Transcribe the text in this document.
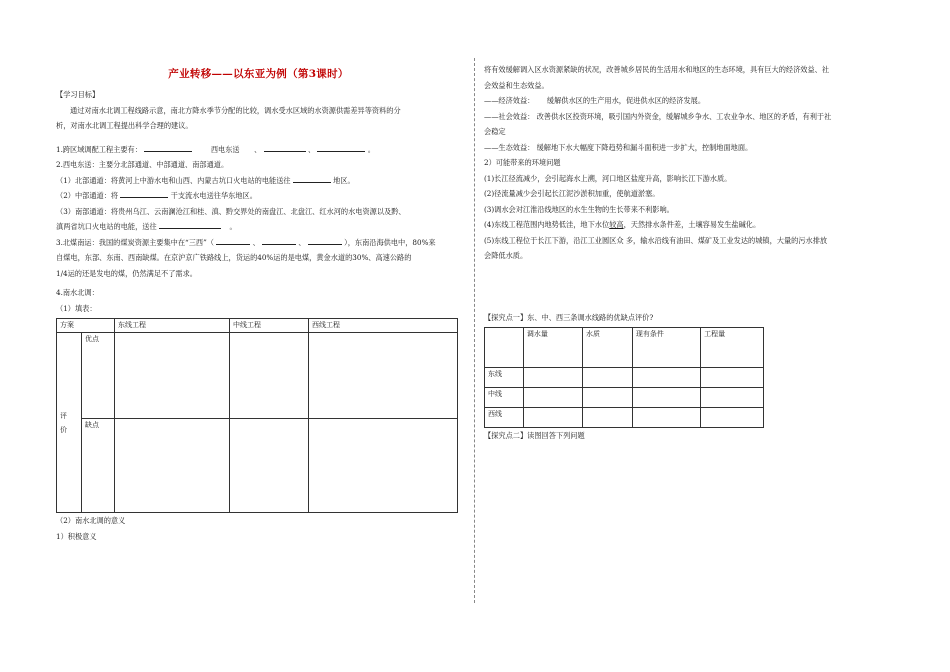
产业转移——以东亚为例（第3课时）

【学习目标】

通过对南水北调工程线路示意，南北方降水季节分配的比较，调水受水区域的水资源供需差异等资料的分

析，对南水北调工程提出科学合理的建议。

1.跨区域调配工程主要有：	西电东送 、	、	。

2.西电东送：主要分北部通道、中部通道、南部通道。

（1）北部通道：将黄河上中游水电和山西、内蒙古坑口火电站的电能送往	地区。

（2）中部通道：将	干支流水电送往华东地区。

（3）南部通道：将贵州乌江、云南澜沧江和桂、滇、黔交界处的南盘江、北盘江、红水河的水电资源以及黔、

滇两省坑口火电站的电能，送往	。

3.北煤南运：我国的煤炭资源主要集中在“三西”（	、	、	），东南沿海供电中，80%来

自煤电，东部、东南、西南缺煤。在京沪京广铁路线上，货运的40%运的是电煤，黄金水道的30%、高速公路的

1/4运的还是发电的煤，仍然满足不了需求。

4.南水北调：

（1）填表：

方案		东线工程	中线工程	西线工程
评
价	优点			
	缺点			

（2）南水北调的意义

1）积极意义

将有效缓解调入区水资源紧缺的状况，改善城乡居民的生活用水和地区的生态环境，具有巨大的经济效益、社

会效益和生态效益。

——经济效益： 缓解供水区的生产用水，促进供水区的经济发展。

——社会效益： 改善供水区投资环境，吸引国内外资金，缓解城乡争水、工农业争水、地区的矛盾，有利于社

会稳定

——生态效益： 缓解地下水大幅度下降趋势和漏斗面积进一步扩大，控制地面地面。

2）可能带来的环境问题

(1)长江径流减少，会引起海水上溯，河口地区盐度升高，影响长江下游水质。

(2)径流量减少会引起长江泥沙淤积加重，使航道淤塞。

(3)调水会对江淮沿线地区的水生生物的生长带来不利影响。

(4)东线工程范围内地势低洼，地下水位较高，天然排水条件差，土壤容易发生盐碱化。

(5)东线工程位于长江下游，沿江工业圆区众 多，输水沿线有油田、煤矿及工业发达的城镇，大量的污水排放

会降低水质。

【探究点一】东、中、西三条调水线路的优缺点评价?

	调水量	水质	现有条件	工程量
东线				
中线				
西线				

【探究点二】读图回答下列问题
